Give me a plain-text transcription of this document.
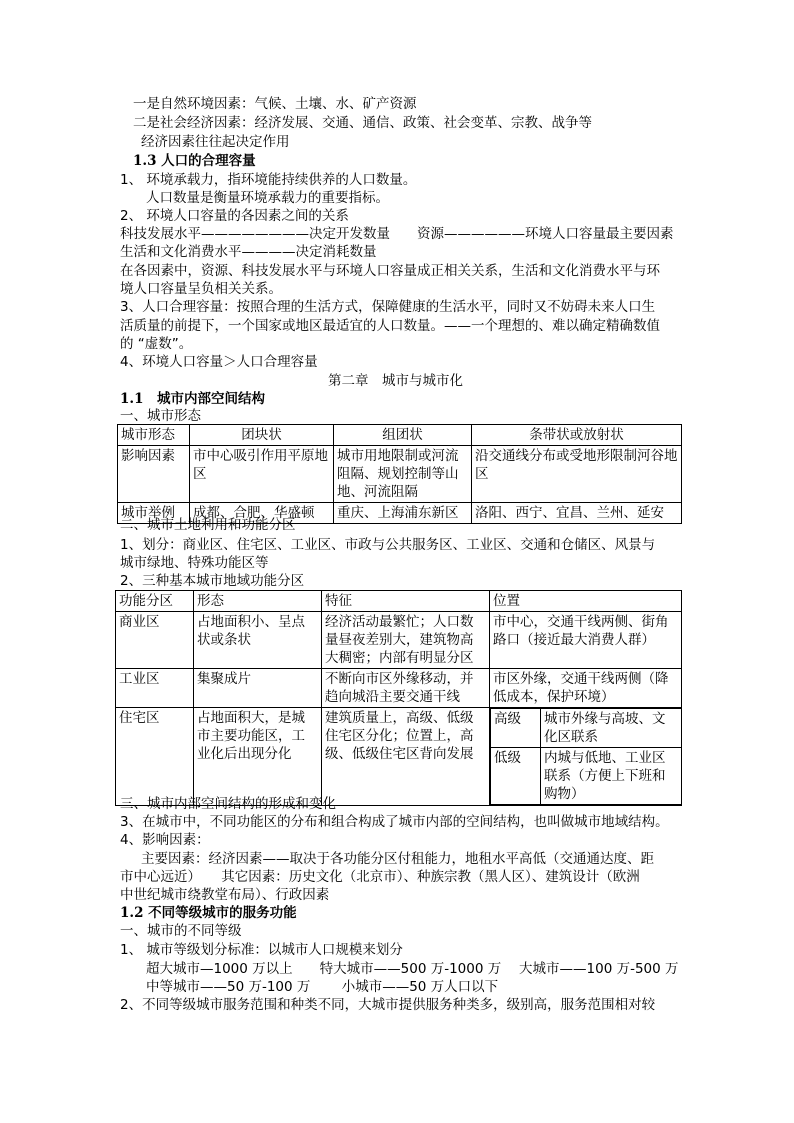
一是自然环境因素：气候、土壤、水、矿产资源
二是社会经济因素：经济发展、交通、通信、政策、社会变革、宗教、战争等
经济因素往往起决定作用
1.3 人口的合理容量
1、 环境承载力，指环境能持续供养的人口数量。
人口数量是衡量环境承载力的重要指标。
2、 环境人口容量的各因素之间的关系
科技发展水平————————决定开发数量　　资源——————环境人口容量最主要因素
生活和文化消费水平————决定消耗数量
在各因素中，资源、科技发展水平与环境人口容量成正相关关系，生活和文化消费水平与环
境人口容量呈负相关关系。
3、人口合理容量：按照合理的生活方式，保障健康的生活水平，同时又不妨碍未来人口生
活质量的前提下，一个国家或地区最适宜的人口数量。——一个理想的、难以确定精确数值
的 “虚数”。
4、环境人口容量＞人口合理容量
第二章　城市与城市化
1.1　城市内部空间结构
一、城市形态
城市形态	团块状	组团状	条带状或放射状
影响因素	市中心吸引作用平原地区	城市用地限制或河流阻隔、规划控制等山地、河流阻隔	沿交通线分布或受地形限制河谷地区
城市举例	成都、合肥、华盛顿	重庆、上海浦东新区	洛阳、西宁、宜昌、兰州、延安
二、城市土地利用和功能分区
1、划分：商业区、住宅区、工业区、市政与公共服务区、工业区、交通和仓储区、风景与
城市绿地、特殊功能区等
2、三种基本城市地域功能分区
功能分区	形态	特征	位置
商业区	占地面积小、呈点状或条状	经济活动最繁忙；人口数量昼夜差别大，建筑物高大稠密；内部有明显分区	市中心，交通干线两侧、街角路口（接近最大消费人群）
工业区	集聚成片	不断向市区外缘移动，并趋向城沿主要交通干线	市区外缘，交通干线两侧（降低成本，保护环境）
住宅区	占地面积大，是城市主要功能区，工业化后出现分化	建筑质量上，高级、低级住宅区分化；位置上，高级、低级住宅区背向发展	
高级	城市外缘与高坡、文化区联系
低级	内城与低地、工业区联系（方便上下班和购物）
三、城市内部空间结构的形成和变化
3、在城市中，不同功能区的分布和组合构成了城市内部的空间结构，也叫做城市地域结构。
4、影响因素：
主要因素：经济因素——取决于各功能分区付租能力，地租水平高低（交通通达度、距
市中心远近）　　其它因素：历史文化（北京市）、种族宗教（黑人区）、建筑设计（欧洲
中世纪城市绕教堂布局）、行政因素
1.2 不同等级城市的服务功能
一、城市的不同等级
1、 城市等级划分标准：以城市人口规模来划分
超大城市—1000 万以上　　特大城市——500 万-1000 万　 大城市——100 万-500 万
中等城市——50 万-100 万　　 小城市——50 万人口以下
2、不同等级城市服务范围和种类不同，大城市提供服务种类多，级别高，服务范围相对较
